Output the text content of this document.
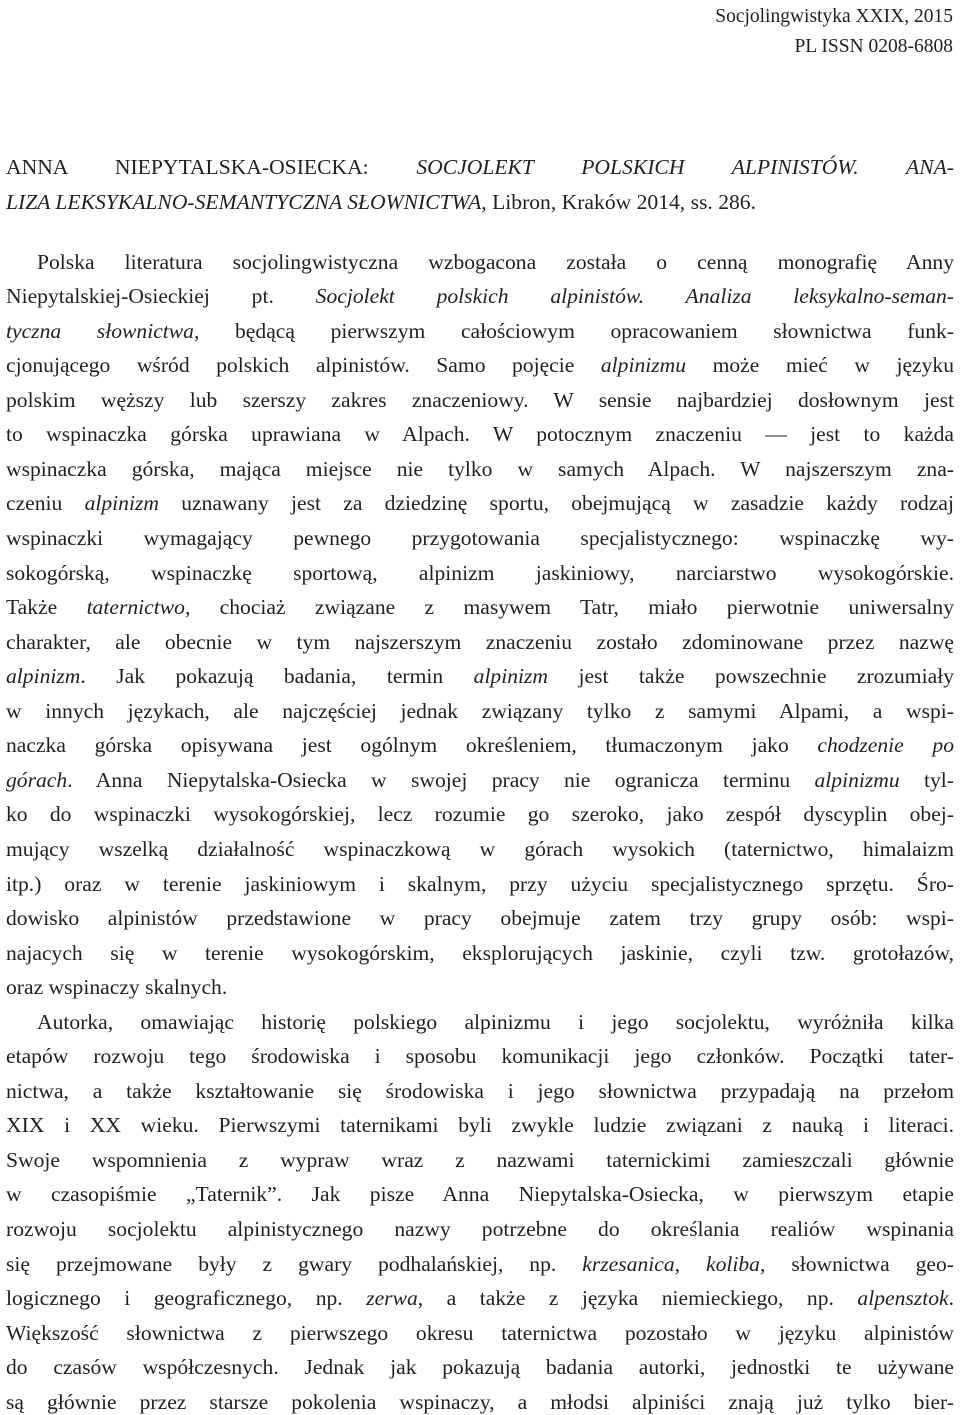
Socjolingwistyka XXIX, 2015
PL ISSN 0208-6808
ANNA NIEPYTALSKA-OSIECKA: SOCJOLEKT POLSKICH ALPINISTÓW. ANA-
LIZA LEKSYKALNO-SEMANTYCZNA SŁOWNICTWA, Libron, Kraków 2014, ss. 286.
Polska literatura socjolingwistyczna wzbogacona została o cenną monografię Anny
Niepytalskiej-Osieckiej pt. Socjolekt polskich alpinistów. Analiza leksykalno-seman-
tyczna słownictwa, będącą pierwszym całościowym opracowaniem słownictwa funk-
cjonującego wśród polskich alpinistów. Samo pojęcie alpinizmu może mieć w języku
polskim węższy lub szerszy zakres znaczeniowy. W sensie najbardziej dosłownym jest
to wspinaczka górska uprawiana w Alpach. W potocznym znaczeniu — jest to każda
wspinaczka górska, mająca miejsce nie tylko w samych Alpach. W najszerszym zna-
czeniu alpinizm uznawany jest za dziedzinę sportu, obejmującą w zasadzie każdy rodzaj
wspinaczki wymagający pewnego przygotowania specjalistycznego: wspinaczkę wy-
sokogórską, wspinaczkę sportową, alpinizm jaskiniowy, narciarstwo wysokogórskie.
Także taternictwo, chociaż związane z masywem Tatr, miało pierwotnie uniwersalny
charakter, ale obecnie w tym najszerszym znaczeniu zostało zdominowane przez nazwę
alpinizm. Jak pokazują badania, termin alpinizm jest także powszechnie zrozumiały
w innych językach, ale najczęściej jednak związany tylko z samymi Alpami, a wspi-
naczka górska opisywana jest ogólnym określeniem, tłumaczonym jako chodzenie po
górach. Anna Niepytalska-Osiecka w swojej pracy nie ogranicza terminu alpinizmu tyl-
ko do wspinaczki wysokogórskiej, lecz rozumie go szeroko, jako zespół dyscyplin obej-
mujący wszelką działalność wspinaczkową w górach wysokich (taternictwo, himalaizm
itp.) oraz w terenie jaskiniowym i skalnym, przy użyciu specjalistycznego sprzętu. Śro-
dowisko alpinistów przedstawione w pracy obejmuje zatem trzy grupy osób: wspi-
najacych się w terenie wysokogórskim, eksplorujących jaskinie, czyli tzw. grotołazów,
oraz wspinaczy skalnych.
Autorka, omawiając historię polskiego alpinizmu i jego socjolektu, wyróżniła kilka
etapów rozwoju tego środowiska i sposobu komunikacji jego członków. Początki tater-
nictwa, a także kształtowanie się środowiska i jego słownictwa przypadają na przełom
XIX i XX wieku. Pierwszymi taternikami byli zwykle ludzie związani z nauką i literaci.
Swoje wspomnienia z wypraw wraz z nazwami taternickimi zamieszczali głównie
w czasopiśmie „Taternik”. Jak pisze Anna Niepytalska-Osiecka, w pierwszym etapie
rozwoju socjolektu alpinistycznego nazwy potrzebne do określania realiów wspinania
się przejmowane były z gwary podhalańskiej, np. krzesanica, koliba, słownictwa geo-
logicznego i geograficznego, np. zerwa, a także z języka niemieckiego, np. alpensztok.
Większość słownictwa z pierwszego okresu taternictwa pozostało w języku alpinistów
do czasów współczesnych. Jednak jak pokazują badania autorki, jednostki te używane
są głównie przez starsze pokolenia wspinaczy, a młodsi alpiniści znają już tylko bier-
